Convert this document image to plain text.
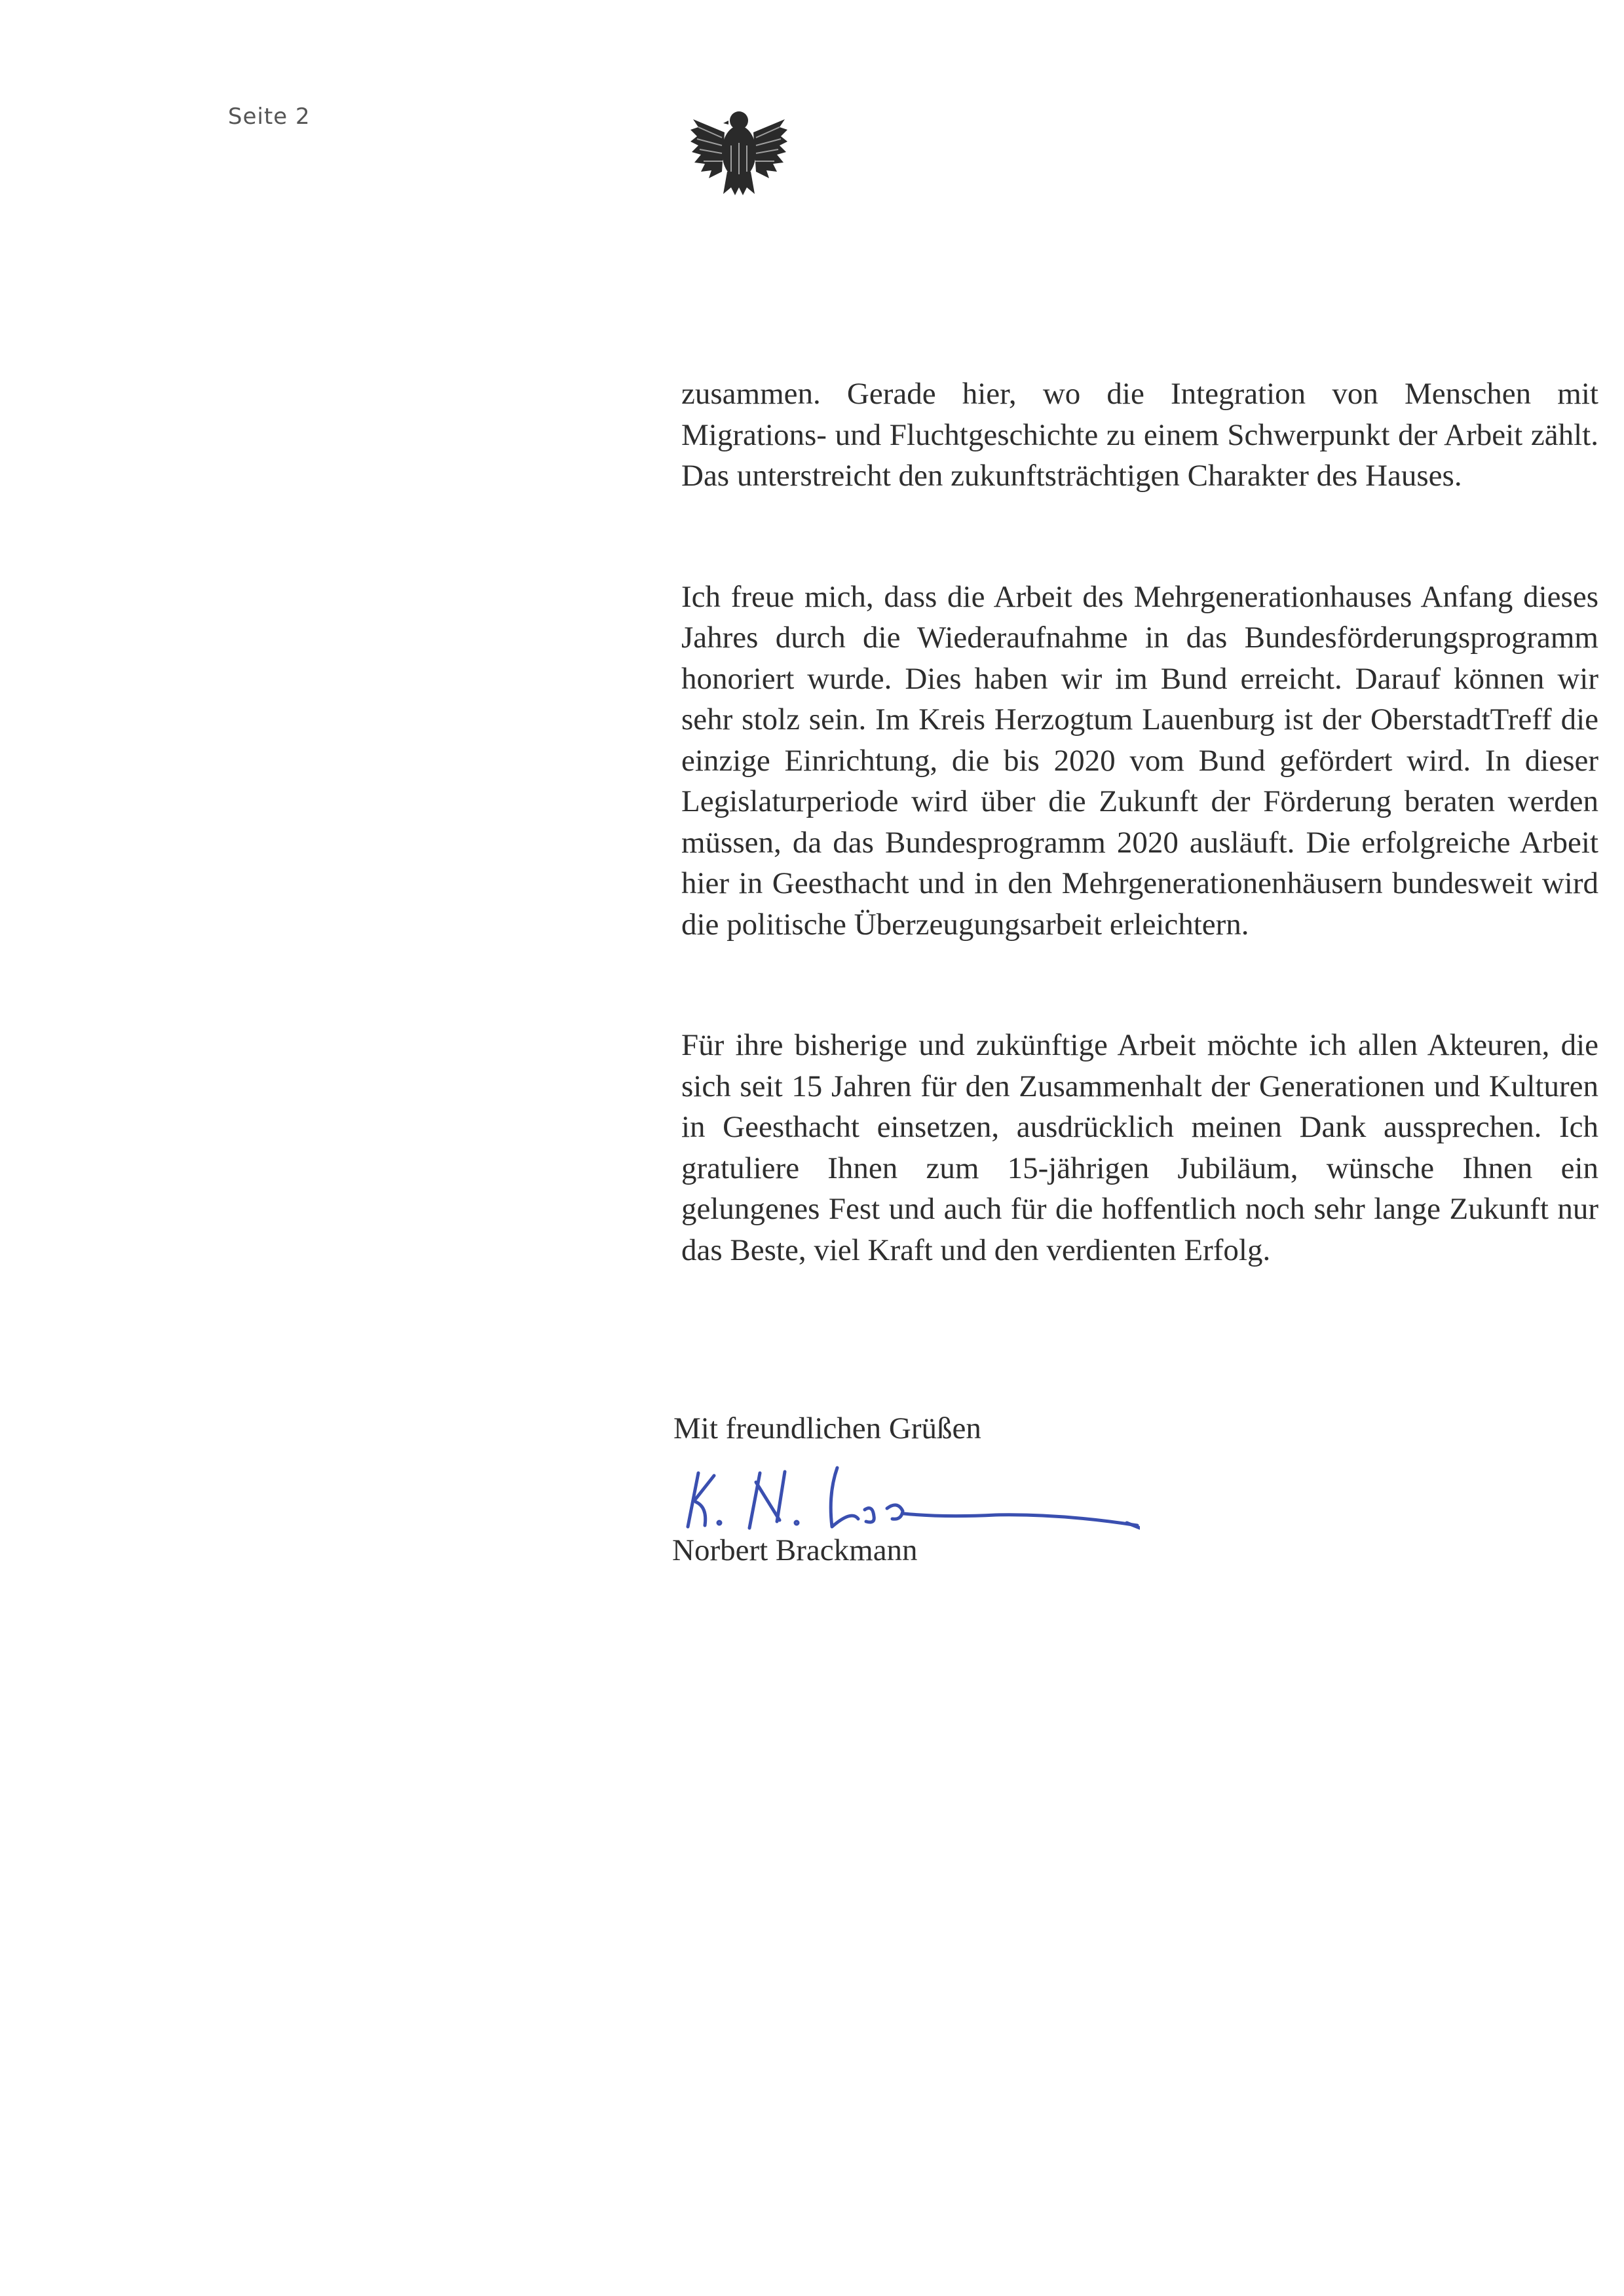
Seite 2

zusammen. Gerade hier, wo die Integration von Menschen mit Migrations- und Fluchtgeschichte zu einem Schwerpunkt der Arbeit zählt. Das unterstreicht den zukunftsträchtigen Charakter des Hauses.

Ich freue mich, dass die Arbeit des Mehrgenerationhauses Anfang dieses Jahres durch die Wiederaufnahme in das Bundesförderungsprogramm honoriert wurde. Dies haben wir im Bund erreicht. Darauf können wir sehr stolz sein. Im Kreis Herzogtum Lauenburg ist der OberstadtTreff die einzige Einrichtung, die bis 2020 vom Bund gefördert wird. In dieser Legislaturperiode wird über die Zukunft der Förderung beraten werden müssen, da das Bundesprogramm 2020 ausläuft. Die erfolgreiche Arbeit hier in Geesthacht und in den Mehrgenerationenhäusern bundesweit wird die politische Überzeugungsarbeit erleichtern.

Für ihre bisherige und zukünftige Arbeit möchte ich allen Akteuren, die sich seit 15 Jahren für den Zusammenhalt der Generationen und Kulturen in Geesthacht einsetzen, ausdrücklich meinen Dank aussprechen. Ich gratuliere Ihnen zum 15-jährigen Jubiläum, wünsche Ihnen ein gelungenes Fest und auch für die hoffentlich noch sehr lange Zukunft nur das Beste, viel Kraft und den verdienten Erfolg.

Mit freundlichen Grüßen
Norbert Brackmann
